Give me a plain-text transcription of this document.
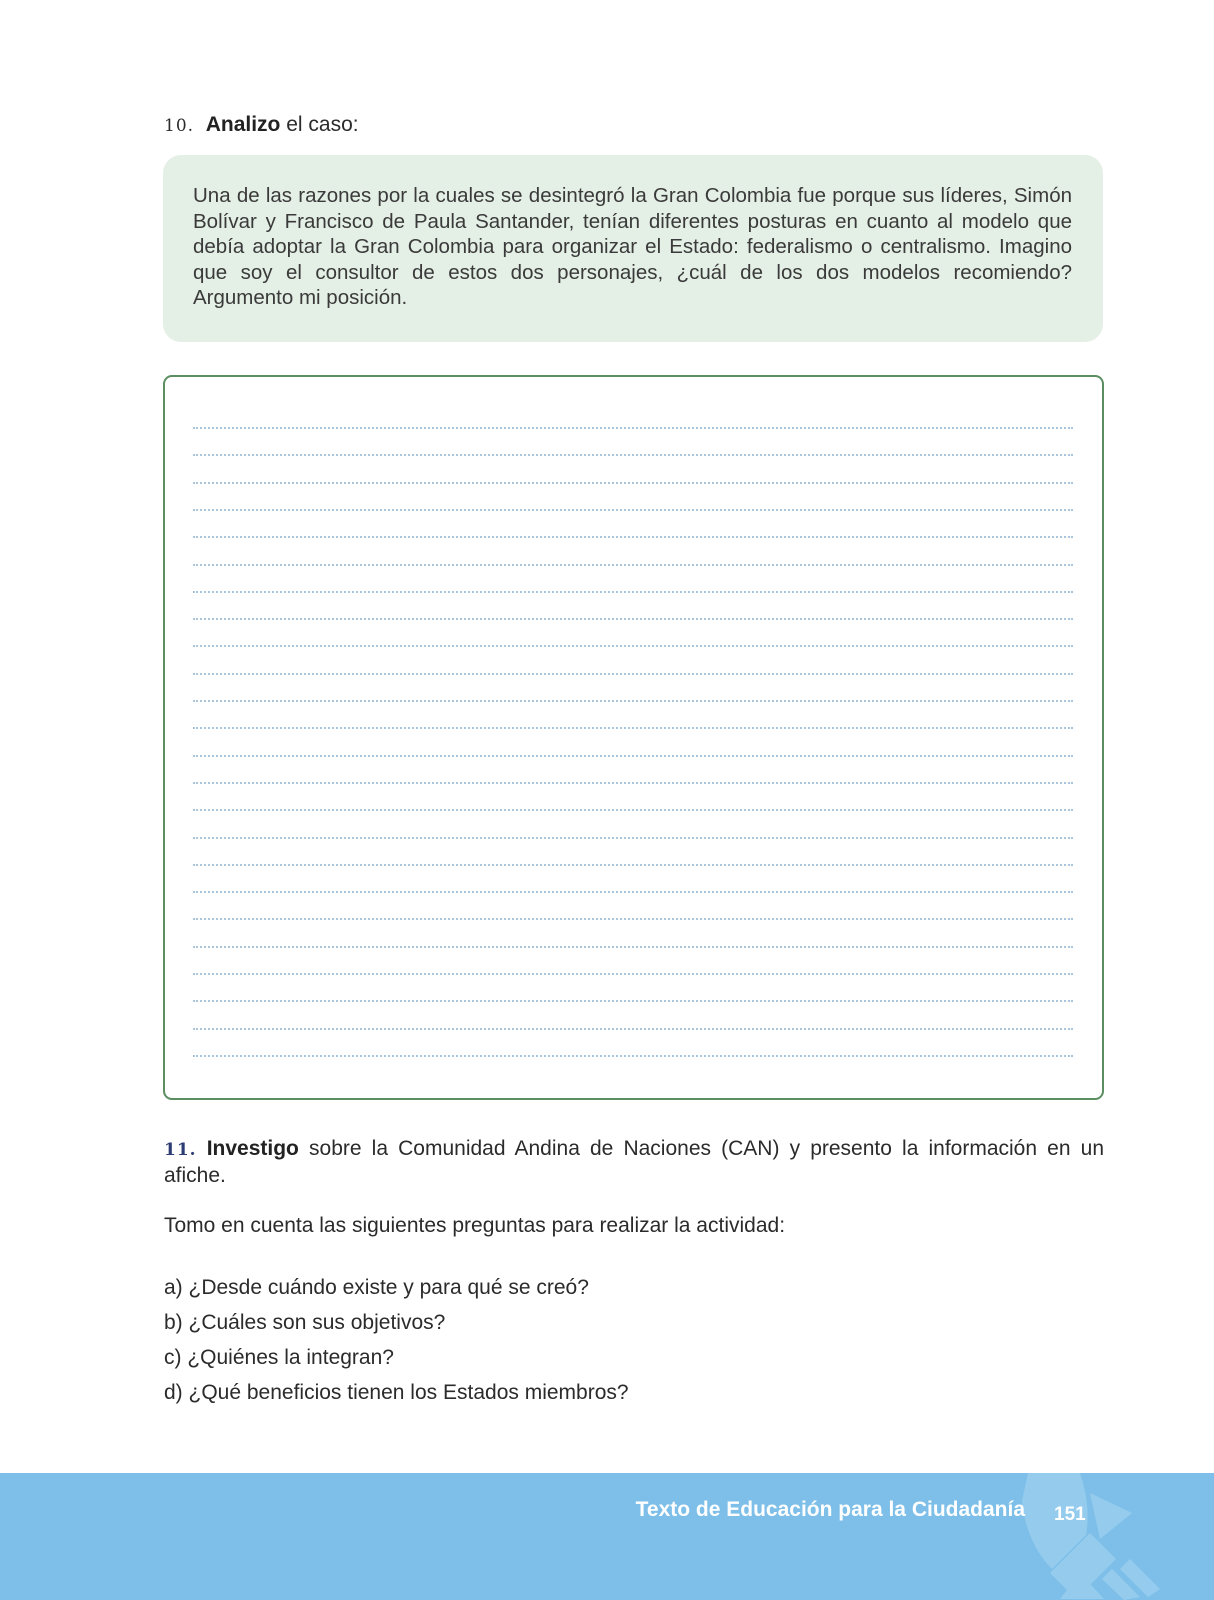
10. Analizo el caso:

Una de las razones por la cuales se desintegró la Gran Colombia fue porque sus líderes, Simón Bolívar y Francisco de Paula Santander, tenían diferentes posturas en cuanto al modelo que debía adoptar la Gran Colombia para organizar el Estado: federalismo o centralismo. Imagino que soy el consultor de estos dos personajes, ¿cuál de los dos modelos recomiendo? Argumento mi posición.

11. Investigo sobre la Comunidad Andina de Naciones (CAN) y presento la información en un afiche.
Tomo en cuenta las siguientes preguntas para realizar la actividad:
a) ¿Desde cuándo existe y para qué se creó?
b) ¿Cuáles son sus objetivos?
c) ¿Quiénes la integran?
d) ¿Qué beneficios tienen los Estados miembros?
Texto de Educación para la Ciudadanía 151
